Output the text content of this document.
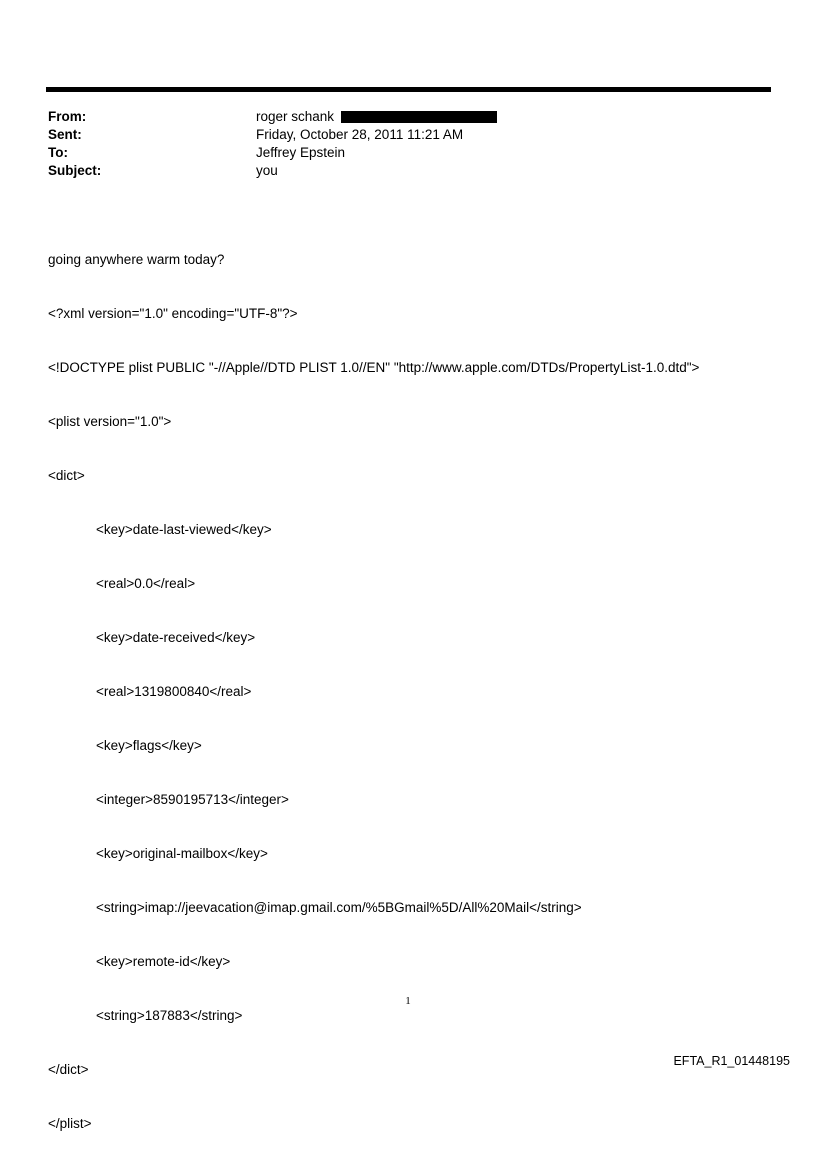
From:	roger schank
Sent:	Friday, October 28, 2011 11:21 AM
To:	Jeffrey Epstein
Subject:	you

going anywhere warm today?

<?xml version="1.0" encoding="UTF-8"?>

<!DOCTYPE plist PUBLIC "-//Apple//DTD PLIST 1.0//EN" "http://www.apple.com/DTDs/PropertyList-1.0.dtd">

<plist version="1.0">

<dict>

<key>date-last-viewed</key>

<real>0.0</real>

<key>date-received</key>

<real>1319800840</real>

<key>flags</key>

<integer>8590195713</integer>

<key>original-mailbox</key>

<string>imap://jeevacation@imap.gmail.com/%5BGmail%5D/All%20Mail</string>

<key>remote-id</key>

<string>187883</string>

</dict>

</plist>

1
EFTA_R1_01448195
